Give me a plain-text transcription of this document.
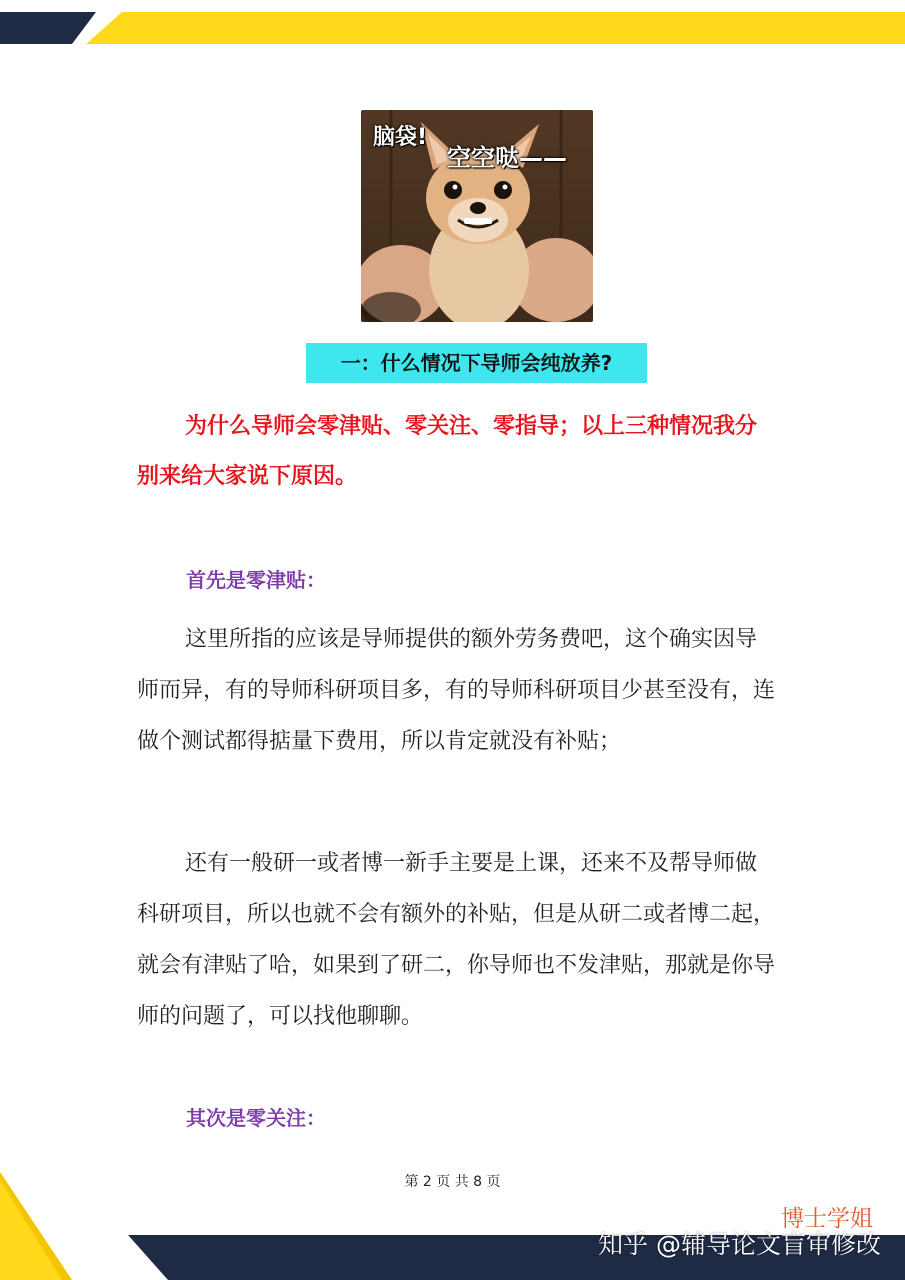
脑袋!
空空哒——
一：什么情况下导师会纯放养?

为什么导师会零津贴、零关注、零指导；以上三种情况我分别来给大家说下原因。

首先是零津贴：

这里所指的应该是导师提供的额外劳务费吧，这个确实因导师而异，有的导师科研项目多，有的导师科研项目少甚至没有，连做个测试都得掂量下费用，所以肯定就没有补贴；

还有一般研一或者博一新手主要是上课，还来不及帮导师做科研项目，所以也就不会有额外的补贴，但是从研二或者博二起，就会有津贴了哈，如果到了研二，你导师也不发津贴，那就是你导师的问题了，可以找他聊聊。

其次是零关注：
第 2 页 共 8 页
博士学姐
知乎 @辅导论文盲审修改
